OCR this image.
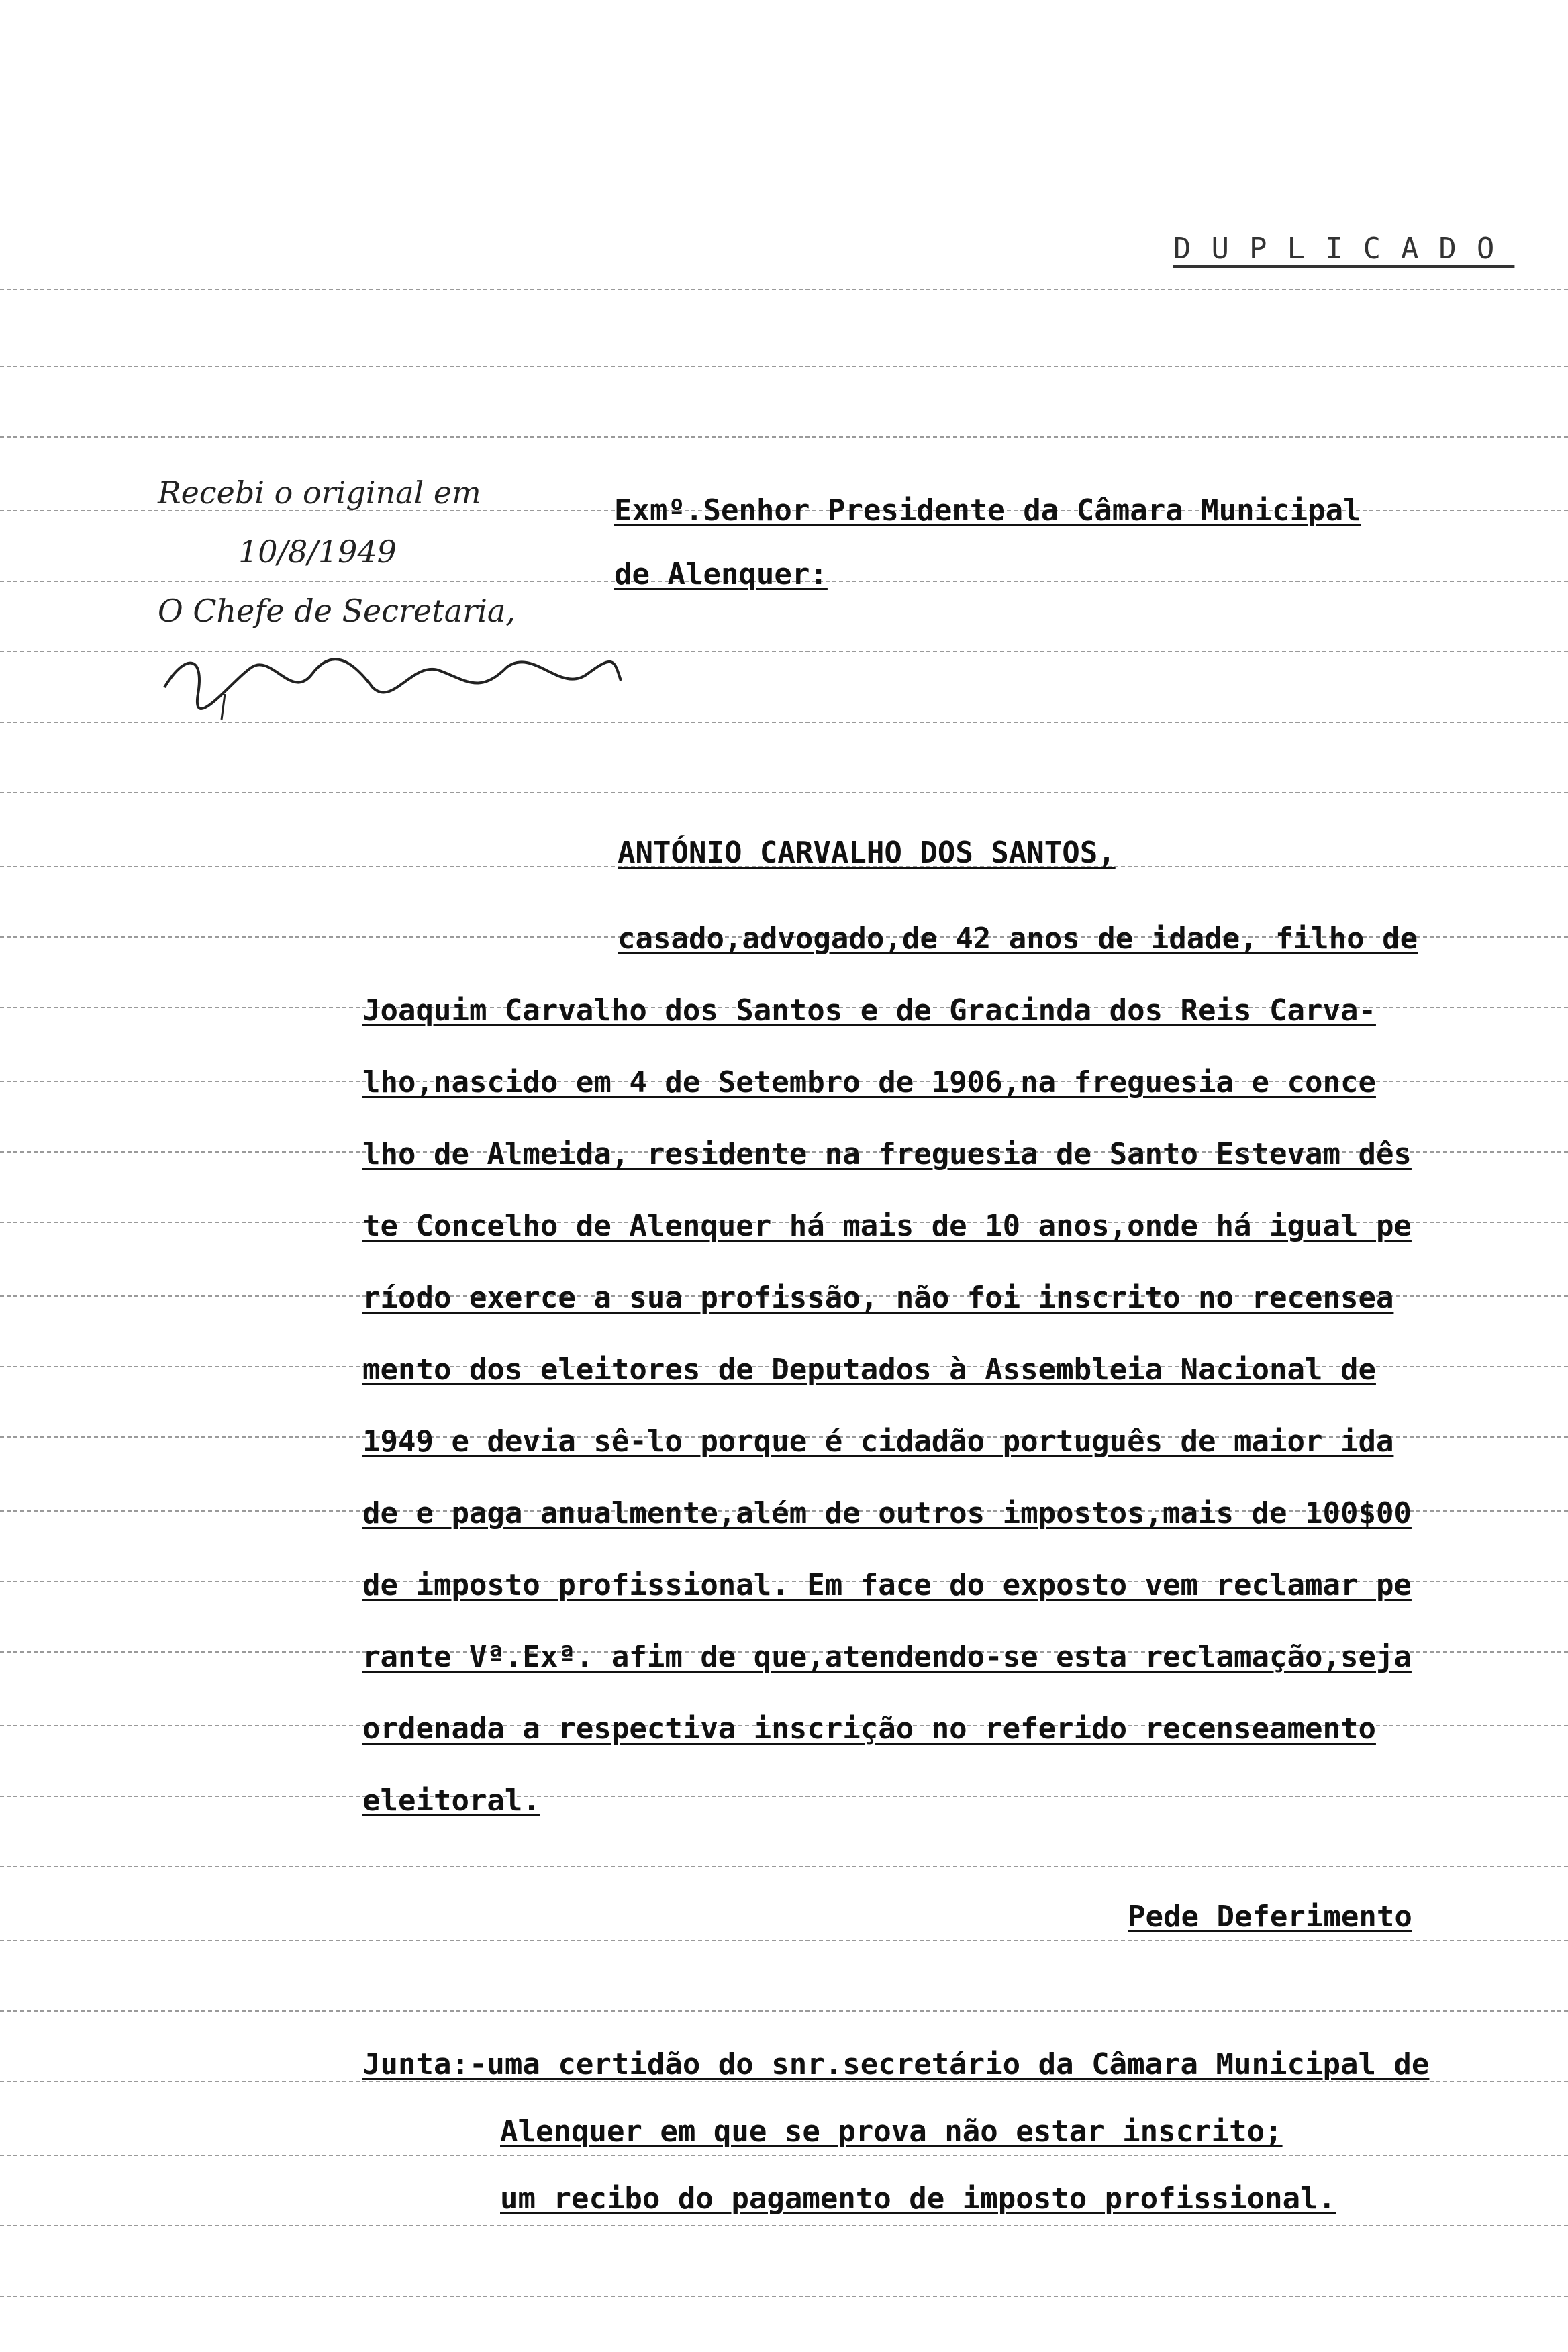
DUPLICADO
Recebi o original em
10/8/1949
O Chefe de Secretaria,
Exmº.Senhor Presidente da Câmara Municipal
de Alenquer:
ANTÓNIO CARVALHO DOS SANTOS,
casado,advogado,de 42 anos de idade, filho de
Joaquim Carvalho dos Santos e de Gracinda dos Reis Carva-
lho,nascido em 4 de Setembro de 1906,na freguesia e conce
lho de Almeida, residente na freguesia de Santo Estevam dês
te Concelho de Alenquer há mais de 10 anos,onde há igual pe
ríodo exerce a sua profissão, não foi inscrito no recensea
mento dos eleitores de Deputados à Assembleia Nacional de
1949 e devia sê-lo porque é cidadão português de maior ida
de e paga anualmente,além de outros impostos,mais de 100$00
de imposto profissional. Em face do exposto vem reclamar pe
rante Vª.Exª. afim de que,atendendo-se esta reclamação,seja
ordenada a respectiva inscrição no referido recenseamento
eleitoral.
Pede Deferimento
Junta:-uma certidão do snr.secretário da Câmara Municipal de
Alenquer em que se prova não estar inscrito;
um recibo do pagamento de imposto profissional.
